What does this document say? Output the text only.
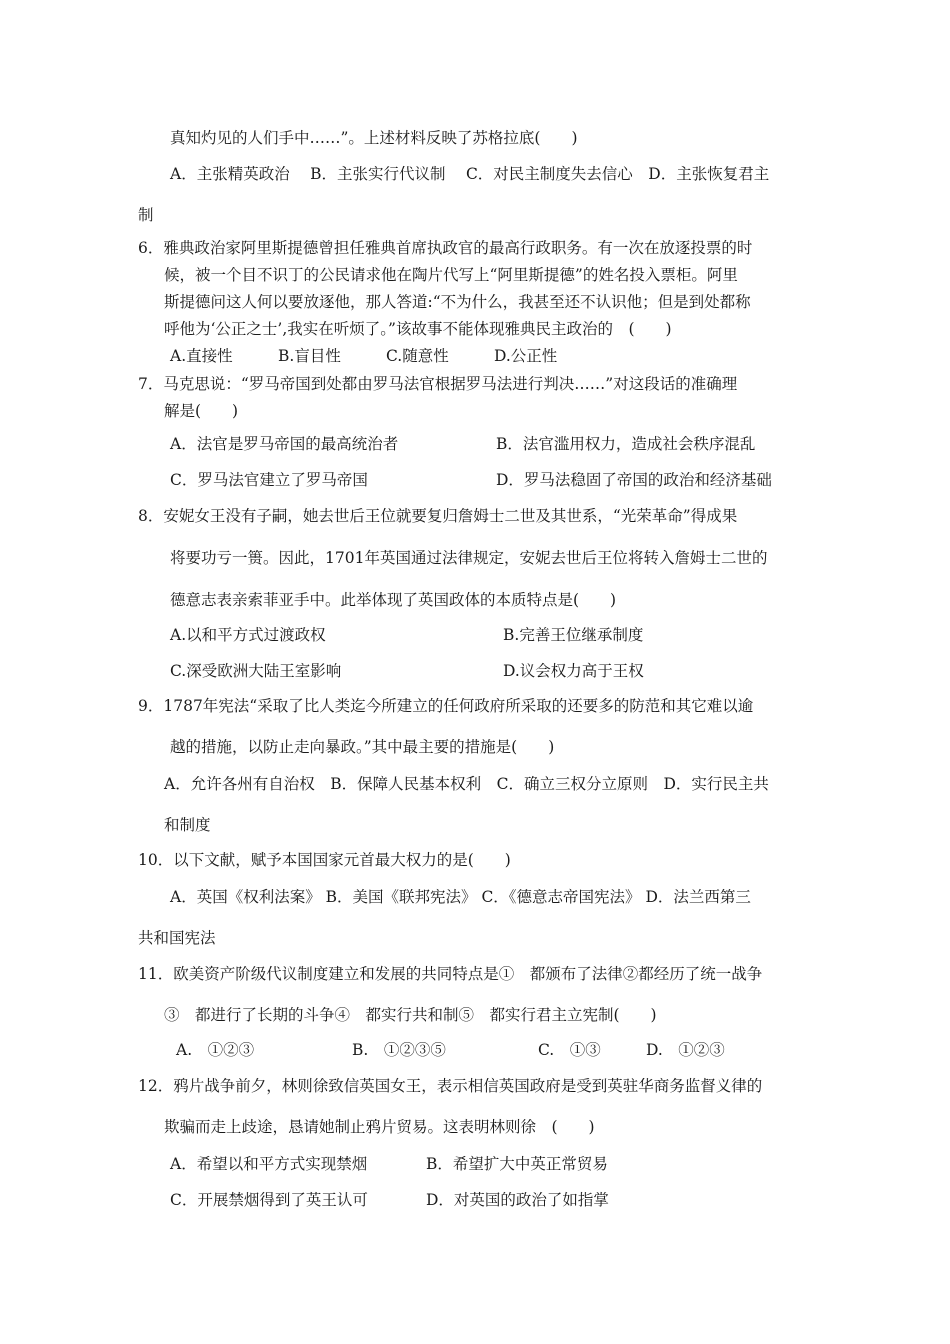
真知灼见的人们手中……”。上述材料反映了苏格拉底(　　)
A．主张精英政治　 B．主张实行代议制　 C．对民主制度失去信心　D．主张恢复君主
制
6．雅典政治家阿里斯提德曾担任雅典首席执政官的最高行政职务。有一次在放逐投票的时
候，被一个目不识丁的公民请求他在陶片代写上“阿里斯提德”的姓名投入票柜。阿里
斯提德问这人何以要放逐他，那人答道:“不为什么，我甚至还不认识他；但是到处都称
呼他为‘公正之士’,我实在听烦了。”该故事不能体现雅典民主政治的　(　　)
A.直接性	B.盲目性	C.随意性	D.公正性
7．马克思说：“罗马帝国到处都由罗马法官根据罗马法进行判决……”对这段话的准确理
解是(　　)
A．法官是罗马帝国的最高统治者	B．法官滥用权力，造成社会秩序混乱
C．罗马法官建立了罗马帝国	D．罗马法稳固了帝国的政治和经济基础
8．安妮女王没有子嗣，她去世后王位就要复归詹姆士二世及其世系，“光荣革命”得成果
将要功亏一篑。因此，1701年英国通过法律规定，安妮去世后王位将转入詹姆士二世的
德意志表亲索菲亚手中。此举体现了英国政体的本质特点是(　　)
A.以和平方式过渡政权	B.完善王位继承制度
C.深受欧洲大陆王室影响	D.议会权力高于王权
9．1787年宪法“采取了比人类迄今所建立的任何政府所采取的还要多的防范和其它难以逾
越的措施，以防止走向暴政。”其中最主要的措施是(　　)
A．允许各州有自治权　B．保障人民基本权利　C．确立三权分立原则　D．实行民主共
和制度
10．以下文献，赋予本国国家元首最大权力的是(　　)
A．英国《权利法案》 B．美国《联邦宪法》 C．《德意志帝国宪法》 D．法兰西第三
共和国宪法
11．欧美资产阶级代议制度建立和发展的共同特点是①　都颁布了法律②都经历了统一战争
③　都进行了长期的斗争④　都实行共和制⑤　都实行君主立宪制(　　)
A.　①②③	B.　①②③⑤	C.　①③	D.　①②③
12．鸦片战争前夕，林则徐致信英国女王，表示相信英国政府是受到英驻华商务监督义律的
欺骗而走上歧途，恳请她制止鸦片贸易。这表明林则徐　(　　)
A．希望以和平方式实现禁烟	B．希望扩大中英正常贸易
C．开展禁烟得到了英王认可	D．对英国的政治了如指掌
